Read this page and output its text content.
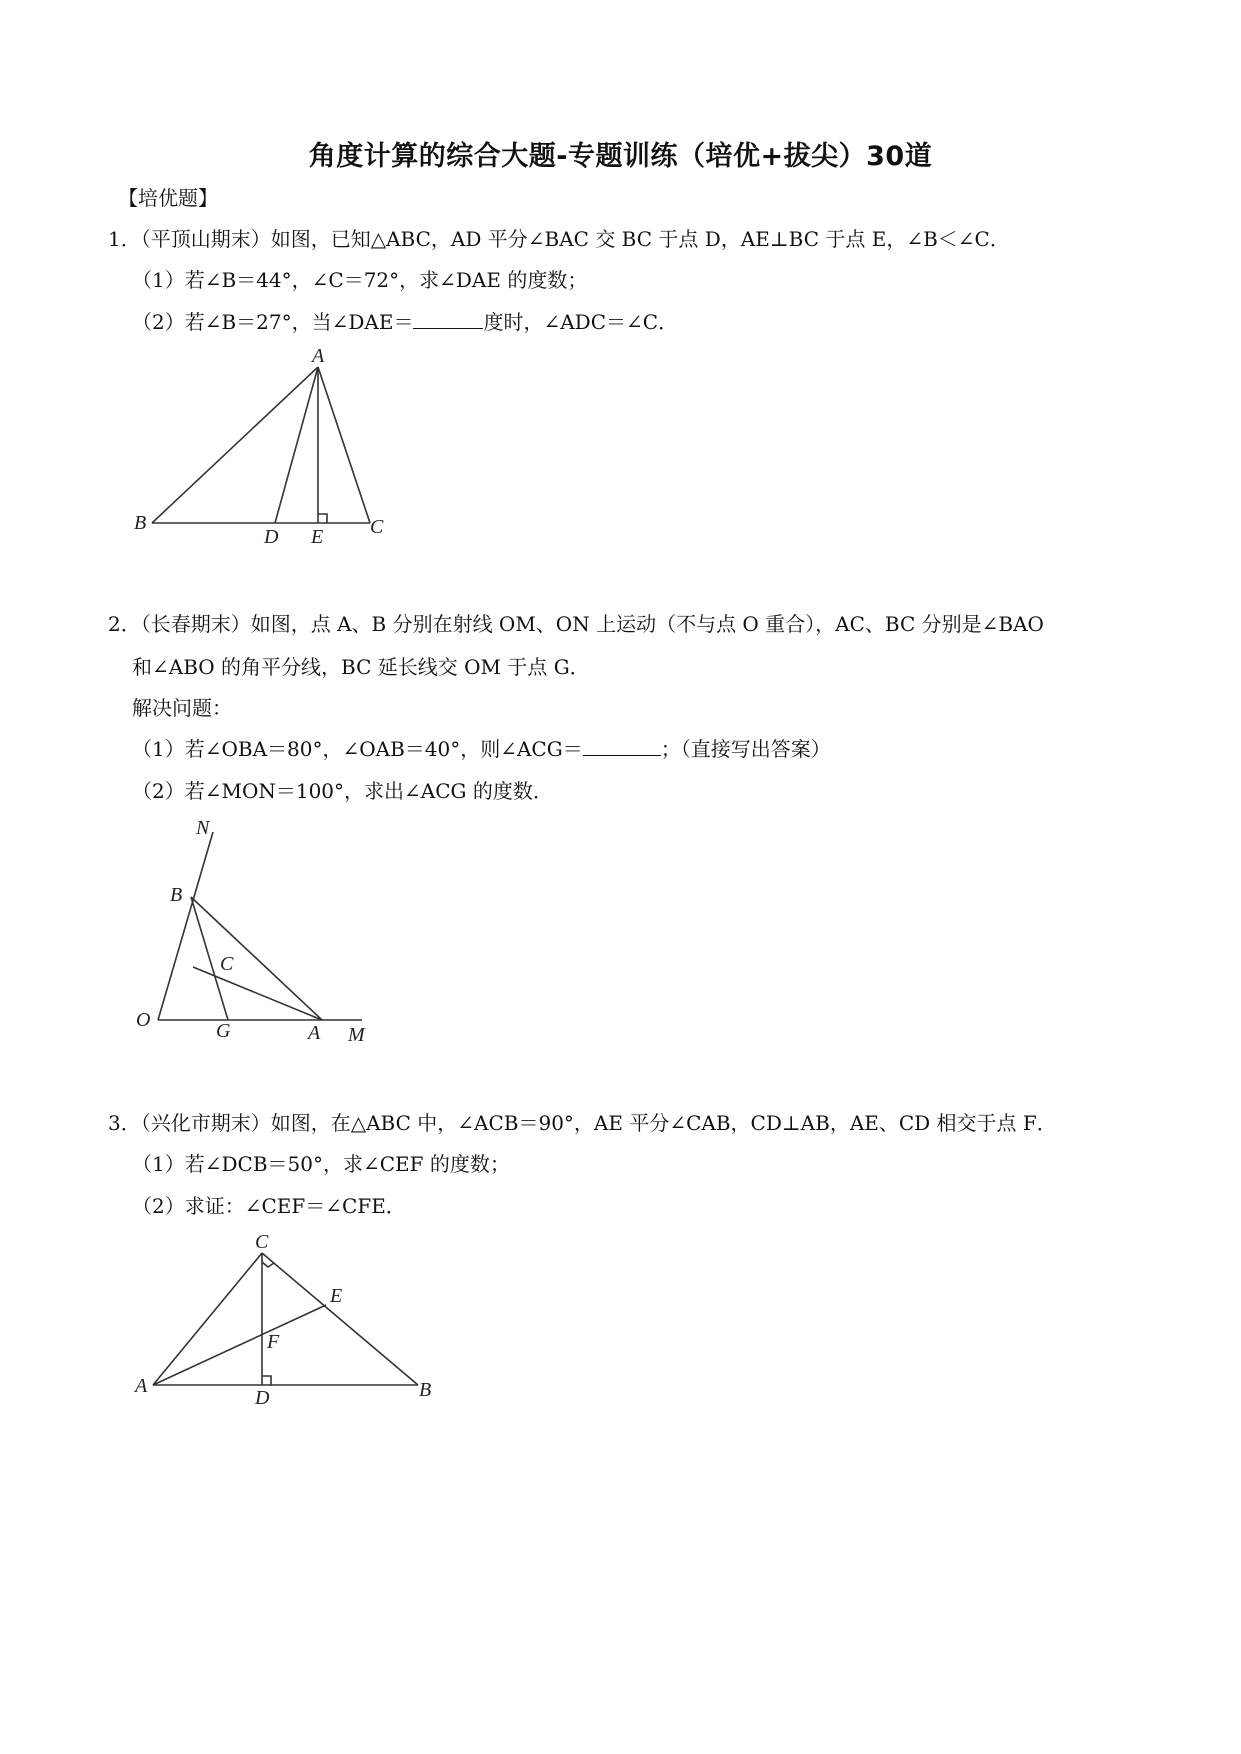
角度计算的综合大题-专题训练（培优+拔尖）30道
【培优题】
1．（平顶山期末）如图，已知△ABC，AD 平分∠BAC 交 BC 于点 D，AE⊥BC 于点 E，∠B＜∠C．
（1）若∠B＝44°，∠C＝72°，求∠DAE 的度数；
（2）若∠B＝27°，当∠DAE＝	度时，∠ADC＝∠C．
A
B	C
D E
2．（长春期末）如图，点 A、B 分别在射线 OM、ON 上运动（不与点 O 重合），AC、BC 分别是∠BAO
和∠ABO 的角平分线，BC 延长线交 OM 于点 G．
解决问题：
（1）若∠OBA＝80°，∠OAB＝40°，则∠ACG＝	；（直接写出答案）
（2）若∠MON＝100°，求出∠ACG 的度数．
N
B
C
O	G	A M
3．（兴化市期末）如图，在△ABC 中，∠ACB＝90°，AE 平分∠CAB，CD⊥AB，AE、CD 相交于点 F．
（1）若∠DCB＝50°，求∠CEF 的度数；
（2）求证：∠CEF＝∠CFE．
C
E
F
A
D	B
